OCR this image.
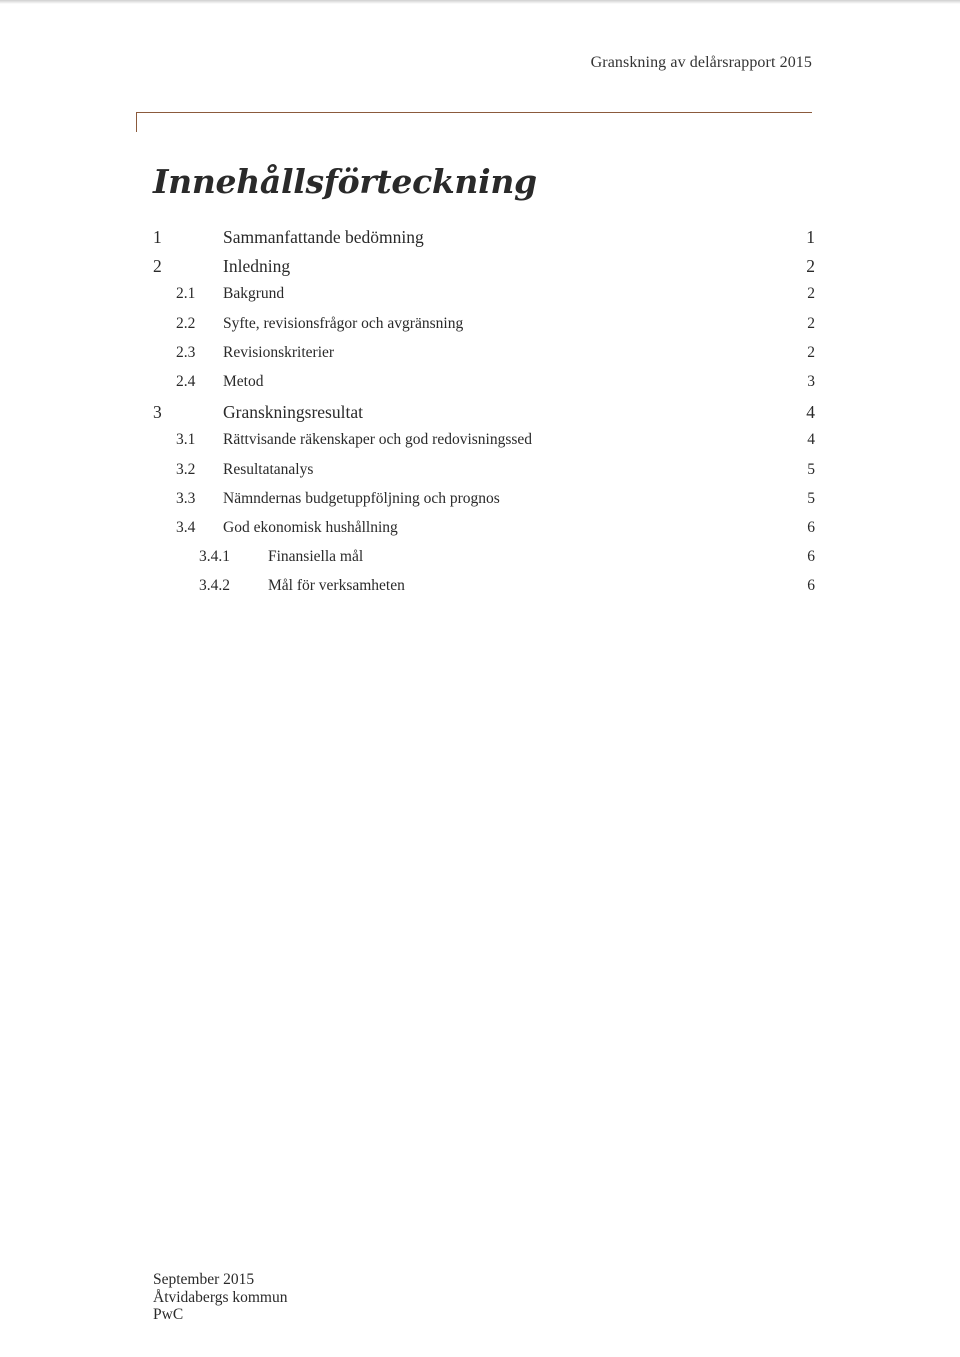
Granskning av delårsrapport 2015
Innehållsförteckning
1	Sammanfattande bedömning	1
2	Inledning	2
2.1 Bakgrund	2
2.2 Syfte, revisionsfrågor och avgränsning	2
2.3 Revisionskriterier	2
2.4 Metod	3
3	Granskningsresultat	4
3.1 Rättvisande räkenskaper och god redovisningssed	4
3.2 Resultatanalys	5
3.3 Nämndernas budgetuppföljning och prognos	5
3.4 God ekonomisk hushållning	6
3.4.1 Finansiella mål	6
3.4.2 Mål för verksamheten	6
September 2015
Åtvidabergs kommun
PwC
